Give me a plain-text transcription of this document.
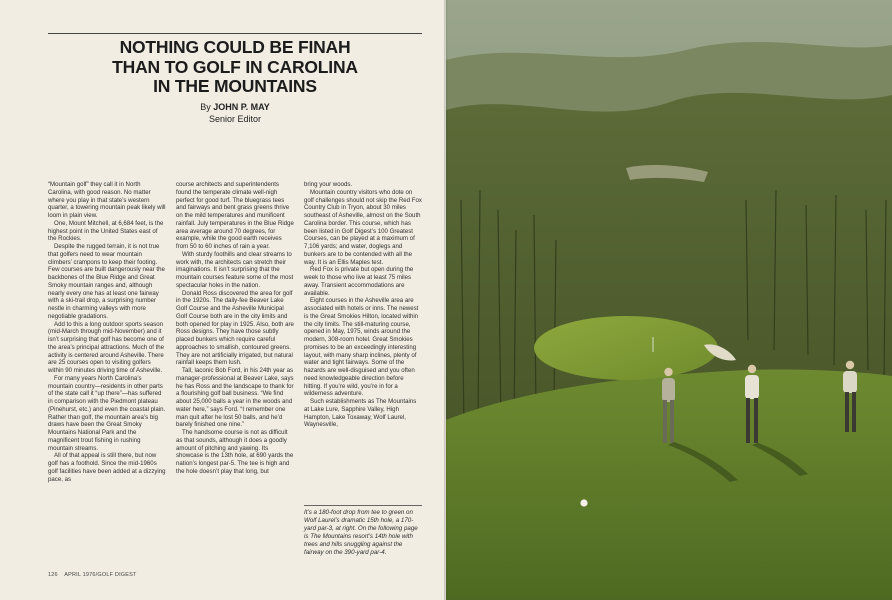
NOTHING COULD BE FINAH
THAN TO GOLF IN CAROLINA
IN THE MOUNTAINS
By JOHN P. MAY
Senior Editor

“Mountain golf” they call it in North Carolina, with good reason. No matter where you play in that state’s western quarter, a towering mountain peak likely will loom in plain view.

One, Mount Mitchell, at 6,684 feet, is the highest point in the United States east of the Rockies.

Despite the rugged terrain, it is not true that golfers need to wear mountain climbers’ crampons to keep their footing. Few courses are built dangerously near the backbones of the Blue Ridge and Great Smoky mountain ranges and, although nearly every one has at least one fairway with a ski-trail drop, a surprising number nestle in charming valleys with more negotiable gradations.

Add to this a long outdoor sports season (mid-March through mid-November) and it isn’t surprising that golf has become one of the area’s principal attractions. Much of the activity is centered around Asheville. There are 25 courses open to visiting golfers within 90 minutes driving time of Asheville.

For many years North Carolina’s mountain country—residents in other parts of the state call it “up there”—has suffered in comparison with the Piedmont plateau (Pinehurst, etc.) and even the coastal plain. Rather than golf, the mountain area’s big draws have been the Great Smoky Mountains National Park and the magnificent trout fishing in rushing mountain streams.

All of that appeal is still there, but now golf has a foothold. Since the mid-1960s golf facilities have been added at a dizzying pace, as

course architects and superintendents found the temperate climate well-nigh perfect for good turf. The bluegrass tees and fairways and bent grass greens thrive on the mild temperatures and munificent rainfall. July temperatures in the Blue Ridge area average around 70 degrees, for example, while the good earth receives from 50 to 60 inches of rain a year.

With sturdy foothills and clear streams to work with, the architects can stretch their imaginations. It isn’t surprising that the mountain courses feature some of the most spectacular holes in the nation.

Donald Ross discovered the area for golf in the 1920s. The daily-fee Beaver Lake Golf Course and the Asheville Municipal Golf Course both are in the city limits and both opened for play in 1925. Also, both are Ross designs. They have those subtly placed bunkers which require careful approaches to smallish, contoured greens. They are not artificially irrigated, but natural rainfall keeps them lush.

Tall, laconic Bob Ford, in his 24th year as manager-professional at Beaver Lake, says he has Ross and the landscape to thank for a flourishing golf ball business. “We find about 25,000 balls a year in the woods and water here,” says Ford. “I remember one man quit after he lost 50 balls, and he’d barely finished one nine.”

The handsome course is not as difficult as that sounds, although it does a goodly amount of pitching and yawing. Its showcase is the 13th hole, at 690 yards the nation’s longest par-5. The tee is high and the hole doesn’t play that long, but

bring your woods.

Mountain country visitors who dote on golf challenges should not skip the Red Fox Country Club in Tryon, about 30 miles southeast of Asheville, almost on the South Carolina border. This course, which has been listed in Golf Digest’s 100 Greatest Courses, can be played at a maximum of 7,106 yards; and water, doglegs and bunkers are to be contended with all the way. It is an Ellis Maples test.

Red Fox is private but open during the week to those who live at least 75 miles away. Transient accommodations are available.

Eight courses in the Asheville area are associated with hotels or inns. The newest is the Great Smokies Hilton, located within the city limits. The still-maturing course, opened in May, 1975, winds around the modern, 308-room hotel. Great Smokies promises to be an exceedingly interesting layout, with many sharp inclines, plenty of water and tight fairways. Some of the hazards are well-disguised and you often need knowledgeable direction before hitting. If you’re wild, you’re in for a wilderness adventure.

Such establishments as The Mountains at Lake Lure, Sapphire Valley, High Hampton, Lake Toxaway, Wolf Laurel, Waynesville,

It’s a 180-foot drop from tee to green on Wolf Laurel’s dramatic 15th hole, a 170-yard par-3, at right. On the following page is The Mountains resort’s 14th hole with trees and hills snuggling against the fairway on the 390-yard par-4.

126 APRIL 1976/GOLF DIGEST
